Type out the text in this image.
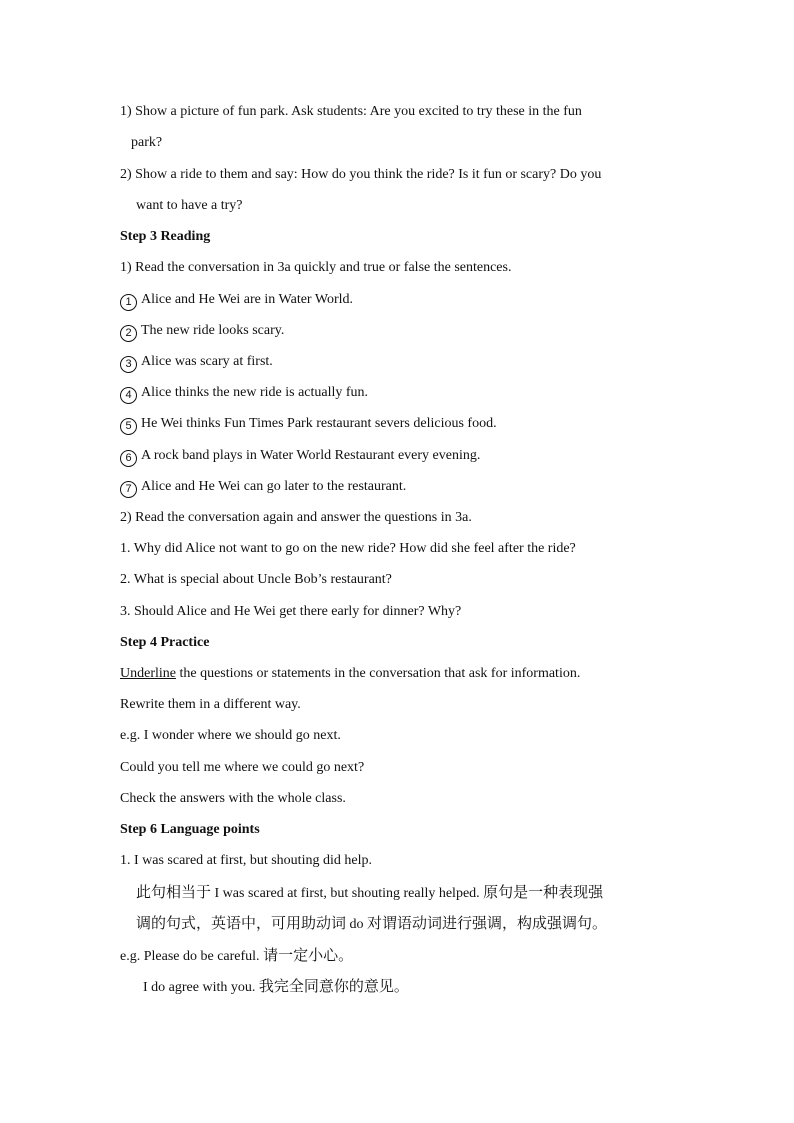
1) Show a picture of fun park. Ask students: Are you excited to try these in the fun
park?
2) Show a ride to them and say: How do you think the ride? Is it fun or scary? Do you
want to have a try?
Step 3 Reading
1) Read the conversation in 3a quickly and true or false the sentences.
1 Alice and He Wei are in Water World.
2 The new ride looks scary.
3 Alice was scary at first.
4 Alice thinks the new ride is actually fun.
5 He Wei thinks Fun Times Park restaurant severs delicious food.
6 A rock band plays in Water World Restaurant every evening.
7 Alice and He Wei can go later to the restaurant.
2) Read the conversation again and answer the questions in 3a.
1. Why did Alice not want to go on the new ride? How did she feel after the ride?
2. What is special about Uncle Bob’s restaurant?
3. Should Alice and He Wei get there early for dinner? Why?
Step 4 Practice
Underline the questions or statements in the conversation that ask for information.
Rewrite them in a different way.
e.g. I wonder where we should go next.
Could you tell me where we could go next?
Check the answers with the whole class.
Step 6 Language points
1. I was scared at first, but shouting did help.
此句相当于 I was scared at first, but shouting really helped. 原句是一种表现强
调的句式，英语中，可用助动词 do 对谓语动词进行强调，构成强调句。
e.g. Please do be careful. 请一定小心。
I do agree with you. 我完全同意你的意见。
